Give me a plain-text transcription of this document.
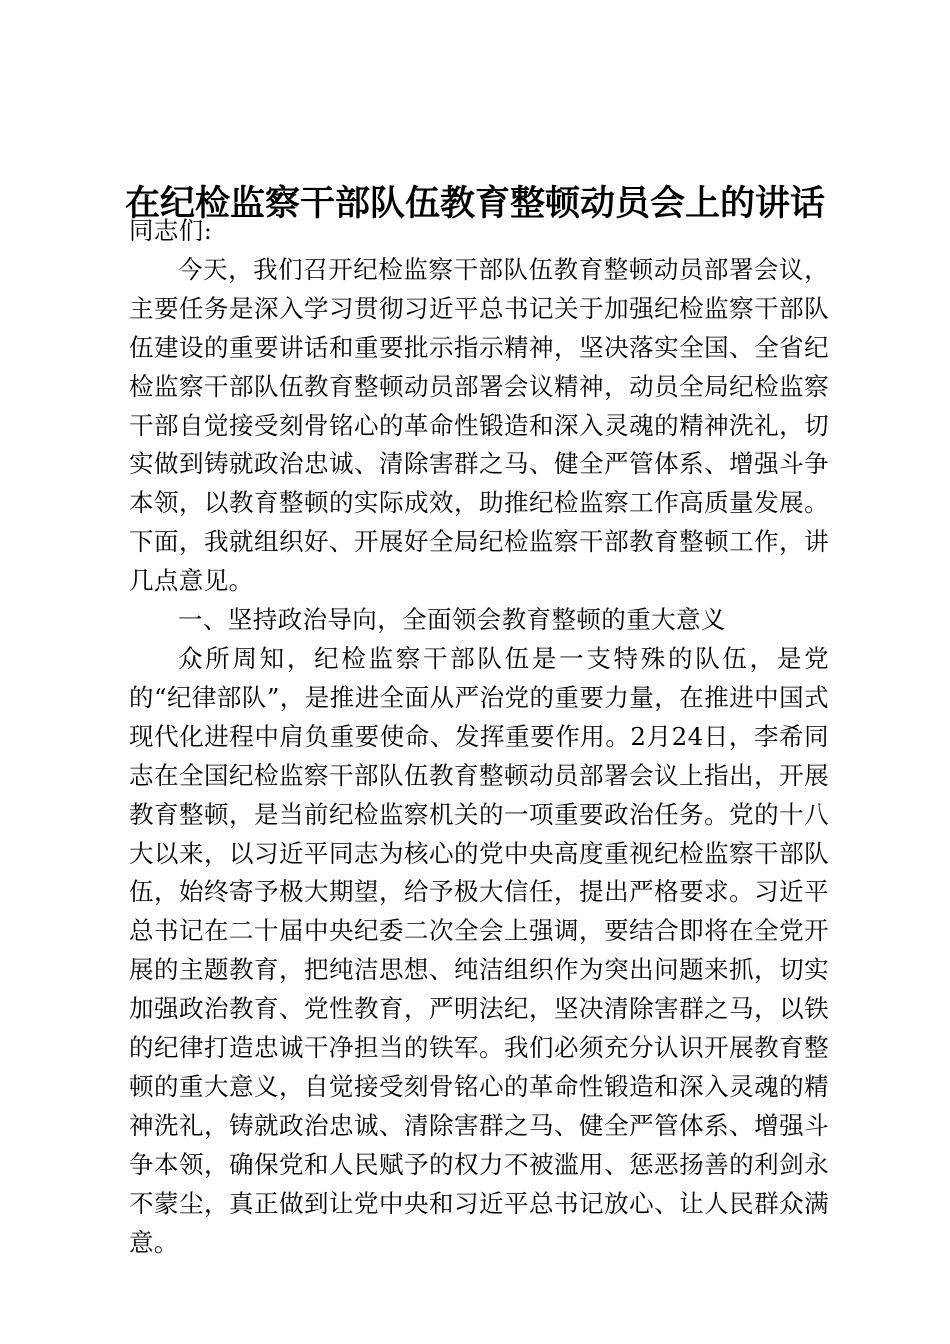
在纪检监察干部队伍教育整顿动员会上的讲话

同志们:

今天，我们召开纪检监察干部队伍教育整顿动员部署会议，主要任务是深入学习贯彻习近平总书记关于加强纪检监察干部队伍建设的重要讲话和重要批示指示精神，坚决落实全国、全省纪检监察干部队伍教育整顿动员部署会议精神，动员全局纪检监察干部自觉接受刻骨铭心的革命性锻造和深入灵魂的精神洗礼，切实做到铸就政治忠诚、清除害群之马、健全严管体系、增强斗争本领，以教育整顿的实际成效，助推纪检监察工作高质量发展。下面，我就组织好、开展好全局纪检监察干部教育整顿工作，讲几点意见。

一、坚持政治导向，全面领会教育整顿的重大意义

众所周知，纪检监察干部队伍是一支特殊的队伍，是党的“纪律部队”，是推进全面从严治党的重要力量，在推进中国式现代化进程中肩负重要使命、发挥重要作用。2月24日，李希同志在全国纪检监察干部队伍教育整顿动员部署会议上指出，开展教育整顿，是当前纪检监察机关的一项重要政治任务。党的十八大以来，以习近平同志为核心的党中央高度重视纪检监察干部队伍，始终寄予极大期望，给予极大信任，提出严格要求。习近平总书记在二十届中央纪委二次全会上强调，要结合即将在全党开展的主题教育，把纯洁思想、纯洁组织作为突出问题来抓，切实加强政治教育、党性教育，严明法纪，坚决清除害群之马，以铁的纪律打造忠诚干净担当的铁军。我们必须充分认识开展教育整顿的重大意义，自觉接受刻骨铭心的革命性锻造和深入灵魂的精神洗礼，铸就政治忠诚、清除害群之马、健全严管体系、增强斗争本领，确保党和人民赋予的权力不被滥用、惩恶扬善的利剑永不蒙尘，真正做到让党中央和习近平总书记放心、让人民群众满意。
